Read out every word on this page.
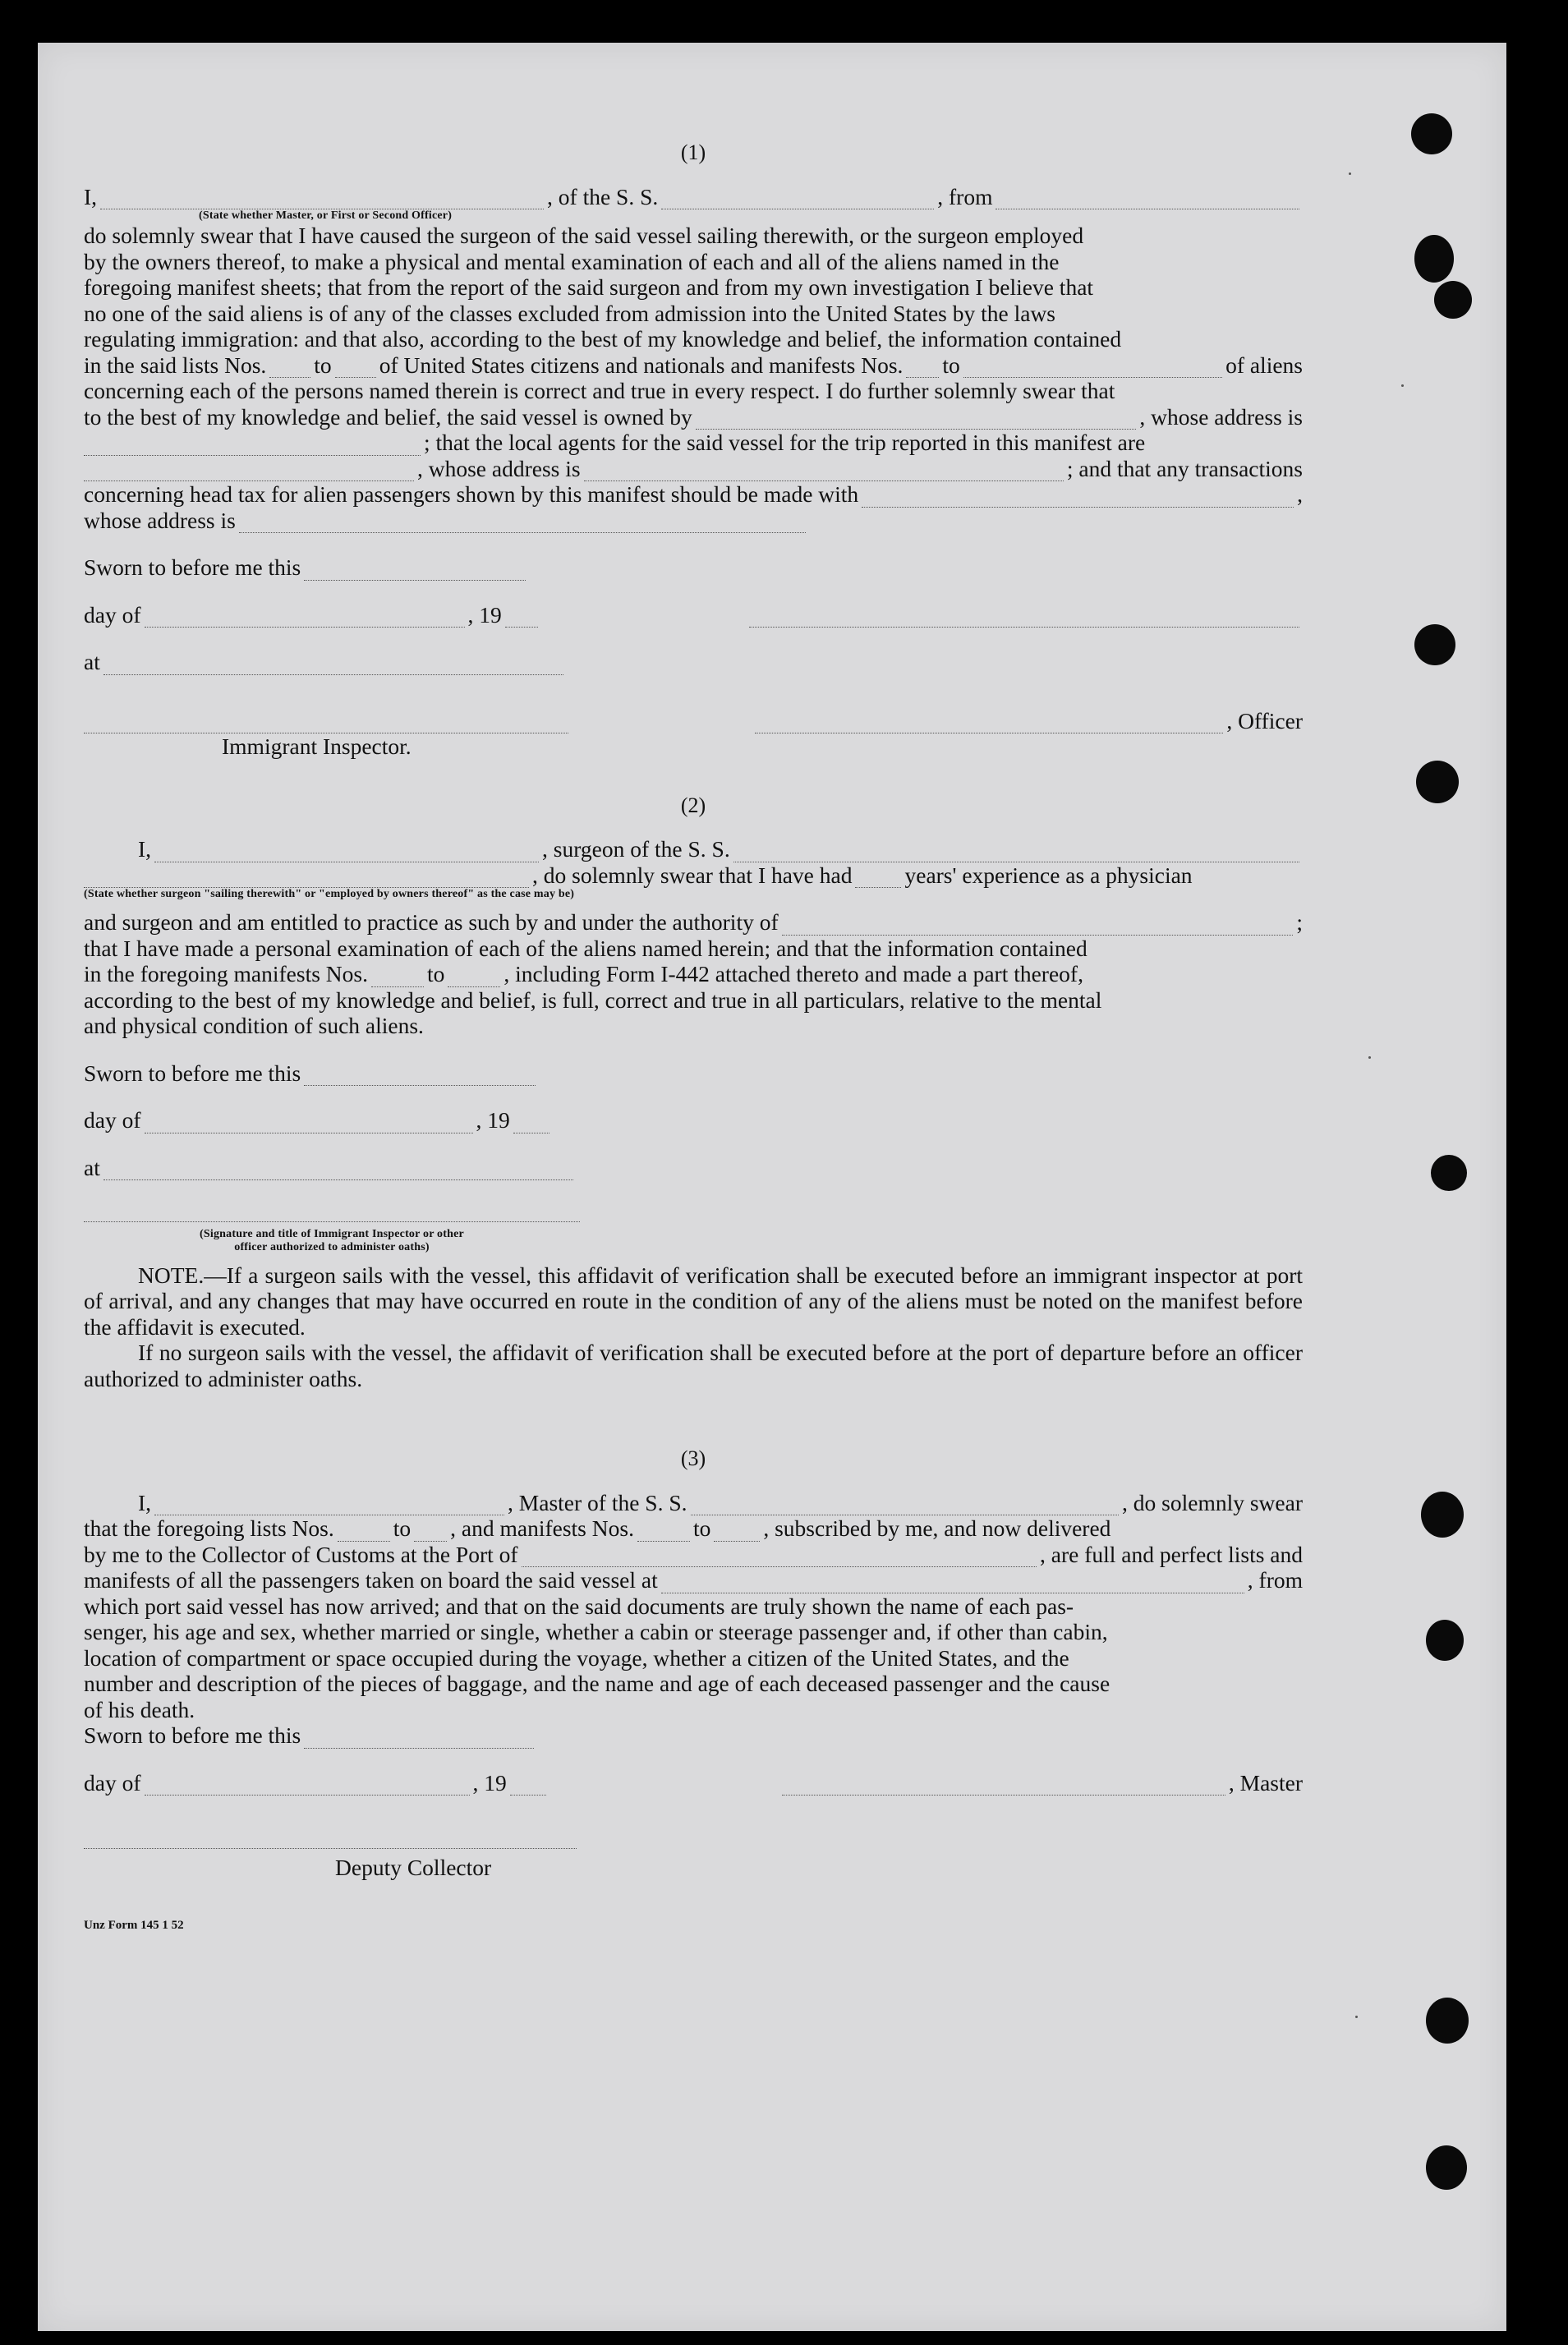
(1)
I,	, of the S. S.	, from
(State whether Master, or First or Second Officer)
do solemnly swear that I have caused the surgeon of the said vessel sailing therewith, or the surgeon employed
by the owners thereof, to make a physical and mental examination of each and all of the aliens named in the
foregoing manifest sheets; that from the report of the said surgeon and from my own investigation I believe that
no one of the said aliens is of any of the classes excluded from admission into the United States by the laws
regulating immigration: and that also, according to the best of my knowledge and belief, the information contained
in the said lists Nos. to of United States citizens and nationals and manifests Nos. to	of aliens
concerning each of the persons named therein is correct and true in every respect. I do further solemnly swear that
to the best of my knowledge and belief, the said vessel is owned by	, whose address is
; that the local agents for the said vessel for the trip reported in this manifest are
, whose address is	; and that any transactions
concerning head tax for alien passengers shown by this manifest should be made with	,
whose address is
Sworn to before me this
day of	, 19
at
, Officer
Immigrant Inspector.
(2)
I,	, surgeon of the S. S.
, do solemnly swear that I have had years' experience as a physician
(State whether surgeon "sailing therewith" or "employed by owners thereof" as the case may be)
and surgeon and am entitled to practice as such by and under the authority of	;
that I have made a personal examination of each of the aliens named herein; and that the information contained
in the foregoing manifests Nos.	to	, including Form I-442 attached thereto and made a part thereof,
according to the best of my knowledge and belief, is full, correct and true in all particulars, relative to the mental
and physical condition of such aliens.
Sworn to before me this
day of	, 19
at
(Signature and title of Immigrant Inspector or other
officer authorized to administer oaths)
NOTE.—If a surgeon sails with the vessel, this affidavit of verification shall be executed before an immigrant inspector at port of arrival, and any changes that may have occurred en route in the condition of any of the aliens must be noted on the manifest before the affidavit is executed.
If no surgeon sails with the vessel, the affidavit of verification shall be executed before at the port of departure before an officer authorized to administer oaths.
(3)
I,	, Master of the S. S.	, do solemnly swear
that the foregoing lists Nos.	to , and manifests Nos.	to , subscribed by me, and now delivered
by me to the Collector of Customs at the Port of	, are full and perfect lists and
manifests of all the passengers taken on board the said vessel at	, from
which port said vessel has now arrived; and that on the said documents are truly shown the name of each pas-
senger, his age and sex, whether married or single, whether a cabin or steerage passenger and, if other than cabin,
location of compartment or space occupied during the voyage, whether a citizen of the United States, and the
number and description of the pieces of baggage, and the name and age of each deceased passenger and the cause
of his death.
Sworn to before me this
day of	, 19	, Master
Deputy Collector
Unz Form 145 1 52
